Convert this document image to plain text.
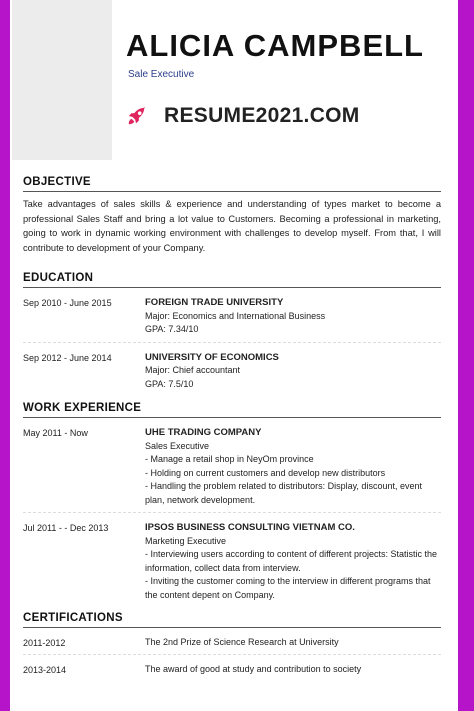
ALICIA CAMPBELL
Sale Executive
RESUME2021.COM
OBJECTIVE
Take advantages of sales skills & experience and understanding of types market to become a professional Sales Staff and bring a lot value to Customers. Becoming a professional in marketing, going to work in dynamic working environment with challenges to develop myself. From that, I will contribute to development of your Company.
EDUCATION
Sep 2010 - June 2015	FOREIGN TRADE UNIVERSITY
Major: Economics and International Business
GPA: 7.34/10
Sep 2012 - June 2014	UNIVERSITY OF ECONOMICS
Major: Chief accountant
GPA: 7.5/10
WORK EXPERIENCE
May 2011 - Now	UHE TRADING COMPANY
Sales Executive
- Manage a retail shop in NeyOm province
- Holding on current customers and develop new distributors
- Handling the problem related to distributors: Display, discount, event plan, network development.
Jul 2011 - - Dec 2013	IPSOS BUSINESS CONSULTING VIETNAM CO.
Marketing Executive
- Interviewing users according to content of different projects: Statistic the information, collect data from interview.
- Inviting the customer coming to the interview in different programs that the content depent on Company.
CERTIFICATIONS
2011-2012	The 2nd Prize of Science Research at University
2013-2014	The award of good at study and contribution to society
